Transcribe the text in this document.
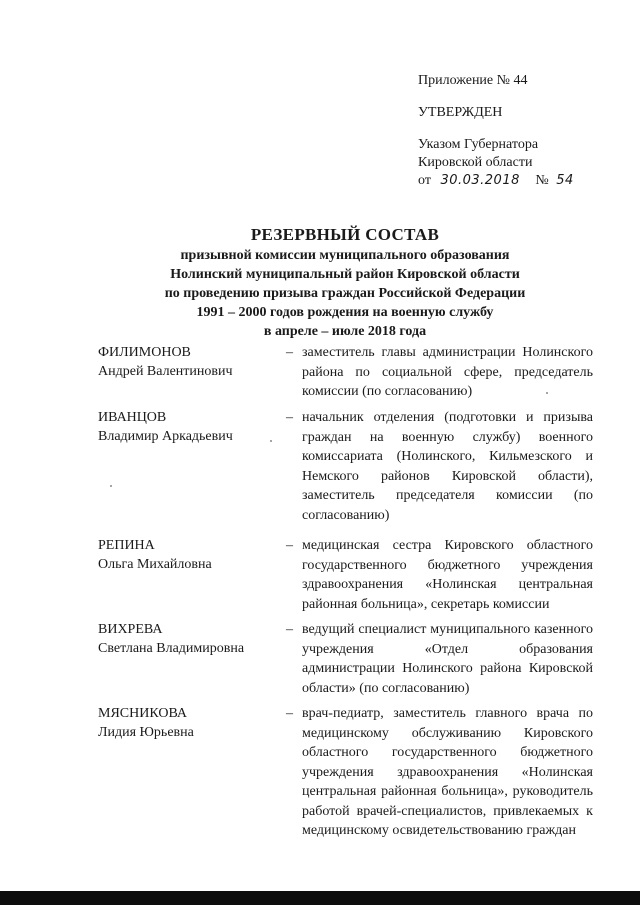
Приложение № 44
УТВЕРЖДЕН
Указом Губернатора
Кировской области
от 30.03.2018 № 54
РЕЗЕРВНЫЙ СОСТАВ
призывной комиссии муниципального образования
Нолинский муниципальный район Кировской области
по проведению призыва граждан Российской Федерации
1991 – 2000 годов рождения на военную службу
в апреле – июле 2018 года
ФИЛИМОНОВ
Андрей Валентинович
– заместитель главы администрации Нолинского района по социальной сфере, председатель комиссии (по согласованию)
ИВАНЦОВ
Владимир Аркадьевич
– начальник отделения (подготовки и призыва граждан на военную службу) военного комиссариата (Нолинского, Кильмезского и Немского районов Кировской области), заместитель председателя комиссии (по согласованию)
РЕПИНА
Ольга Михайловна
– медицинская сестра Кировского областного государственного бюджетного учреждения здравоохранения «Нолинская центральная районная больница», секретарь комиссии
ВИХРЕВА
Светлана Владимировна
– ведущий специалист муниципального казенного учреждения «Отдел образования администрации Нолинского района Кировской области» (по согласованию)
МЯСНИКОВА
Лидия Юрьевна
– врач-педиатр, заместитель главного врача по медицинскому обслуживанию Кировского областного государственного бюджетного учреждения здравоохранения «Нолинская центральная районная больница», руководитель работой врачей-специалистов, привлекаемых к медицинскому освидетельствованию граждан
